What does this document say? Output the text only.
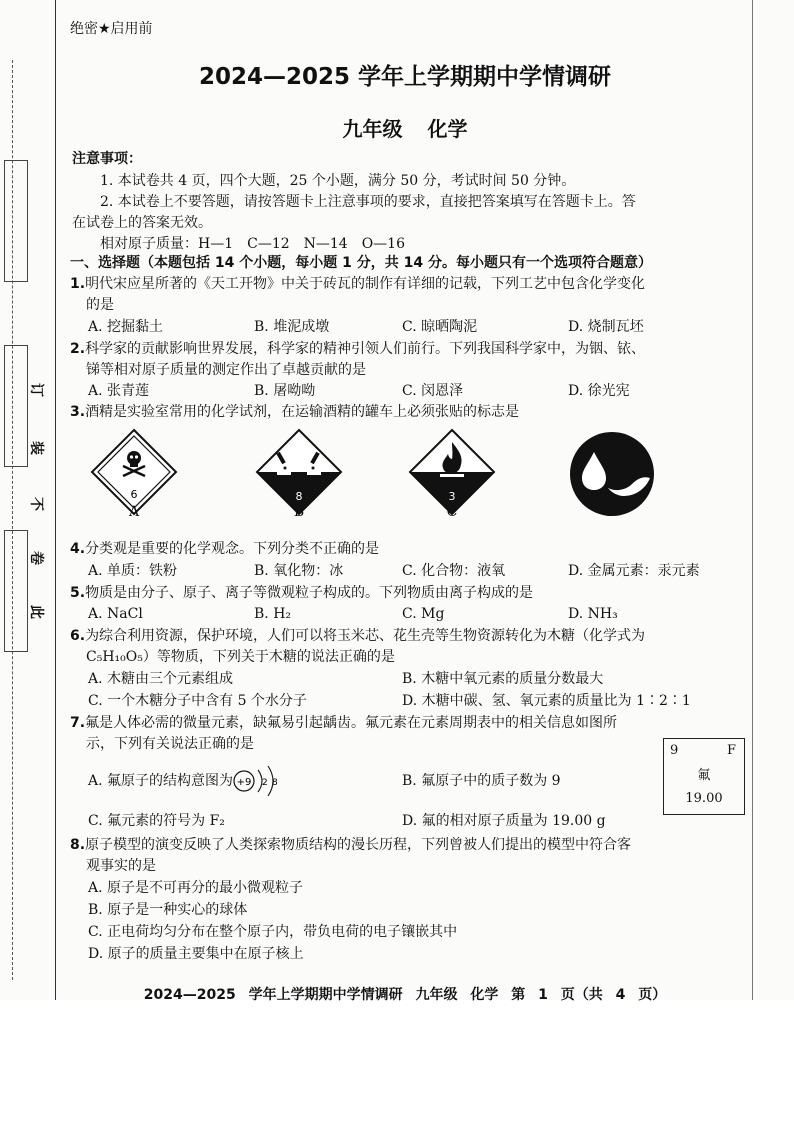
订
装
不
卷
此
绝密★启用前
2024—2025 学年上学期期中学情调研
九年级 化学
注意事项：
1. 本试卷共 4 页，四个大题，25 个小题，满分 50 分，考试时间 50 分钟。
2. 本试卷上不要答题，请按答题卡上注意事项的要求，直接把答案填写在答题卡上。答
在试卷上的答案无效。
相对原子质量：H—1　C—12　N—14　O—16
一、选择题（本题包括 14 个小题，每小题 1 分，共 14 分。每小题只有一个选项符合题意）
1.明代宋应星所著的《天工开物》中关于砖瓦的制作有详细的记载，下列工艺中包含化学变化
的是
A. 挖掘黏土	B. 堆泥成墩	C. 晾晒陶泥	D. 烧制瓦坯
2.科学家的贡献影响世界发展，科学家的精神引领人们前行。下列我国科学家中，为铟、铱、
锑等相对原子质量的测定作出了卓越贡献的是
A. 张青莲	B. 屠呦呦	C. 闵恩泽	D. 徐光宪
3.酒精是实验室常用的化学试剂，在运输酒精的罐车上必须张贴的标志是
6	8	3
A	B	C	D
4.分类观是重要的化学观念。下列分类不正确的是
A. 单质：铁粉	B. 氧化物：冰	C. 化合物：液氧	D. 金属元素：汞元素
5.物质是由分子、原子、离子等微观粒子构成的。下列物质由离子构成的是
A. NaCl	B. H₂	C. Mg	D. NH₃
6.为综合利用资源，保护环境，人们可以将玉米芯、花生壳等生物资源转化为木糖（化学式为
C₅H₁₀O₅）等物质，下列关于木糖的说法正确的是
A. 木糖由三个元素组成	B. 木糖中氧元素的质量分数最大
C. 一个木糖分子中含有 5 个水分子	D. 木糖中碳、氢、氧元素的质量比为 1∶2∶1
7.氟是人体必需的微量元素，缺氟易引起龋齿。氟元素在元素周期表中的相关信息如图所
示，下列有关说法正确的是	9	F
氟
19.00
A. 氟原子的结构意图为 +9 2 8	B. 氟原子中的质子数为 9
C. 氟元素的符号为 F₂	D. 氟的相对原子质量为 19.00 g
8.原子模型的演变反映了人类探索物质结构的漫长历程，下列曾被人们提出的模型中符合客
观事实的是
A. 原子是不可再分的最小微观粒子
B. 原子是一种实心的球体
C. 正电荷均匀分布在整个原子内，带负电荷的电子镶嵌其中
D. 原子的质量主要集中在原子核上
2024—2025 学年上学期期中学情调研 九年级 化学 第 1 页（共 4 页）
